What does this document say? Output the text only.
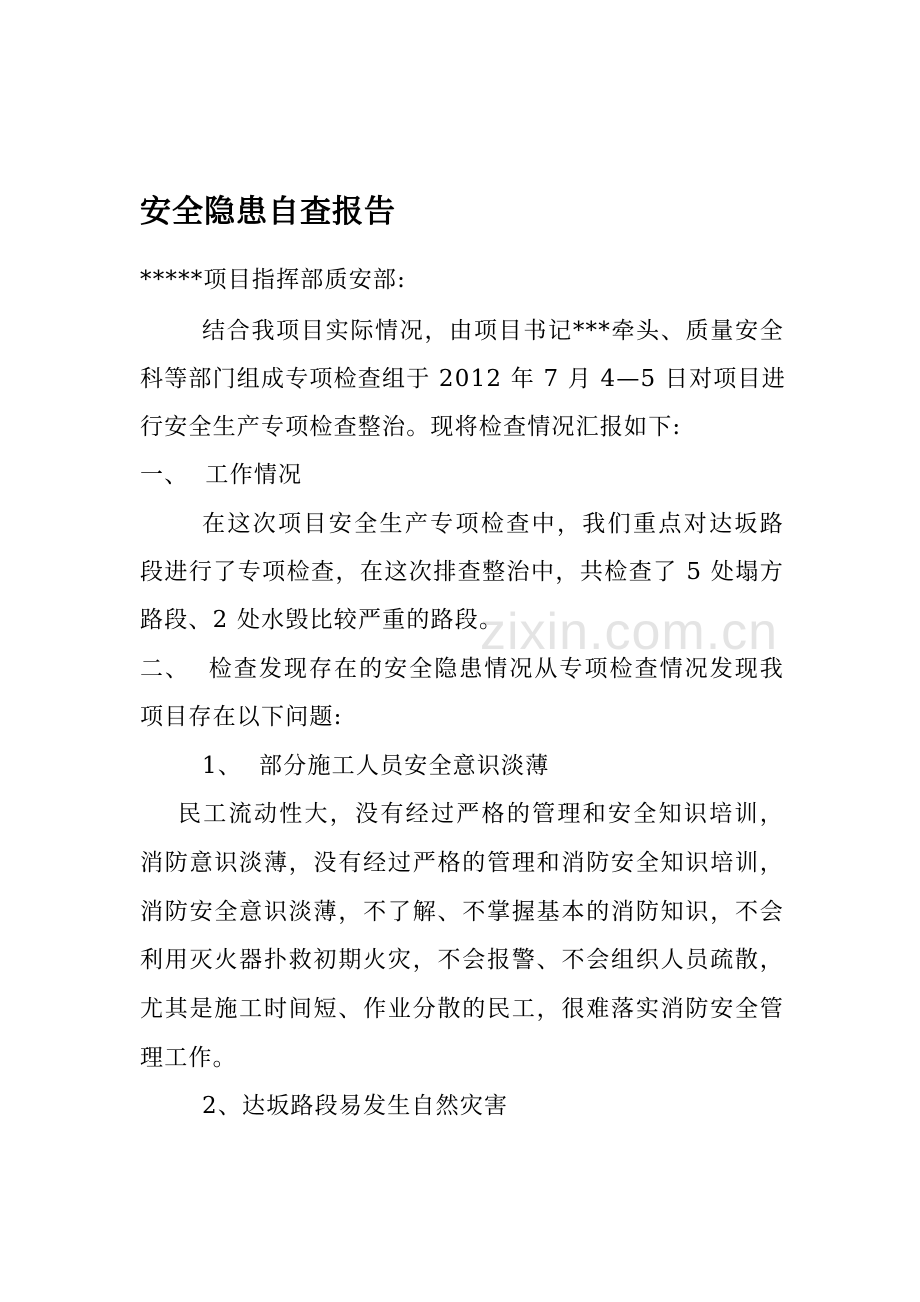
zixin.com.cn
安全隐患自查报告
*****项目指挥部质安部:
结合我项目实际情况，由项目书记***牵头、质量安全
科等部门组成专项检查组于 2012 年 7 月 4—5 日对项目进
行安全生产专项检查整治。现将检查情况汇报如下:
一、  工作情况
在这次项目安全生产专项检查中，我们重点对达坂路
段进行了专项检查，在这次排查整治中，共检查了 5 处塌方
路段、2 处水毁比较严重的路段。
二、  检查发现存在的安全隐患情况从专项检查情况发现我
项目存在以下问题:
1、  部分施工人员安全意识淡薄
民工流动性大，没有经过严格的管理和安全知识培训，
消防意识淡薄，没有经过严格的管理和消防安全知识培训，
消防安全意识淡薄，不了解、不掌握基本的消防知识，不会
利用灭火器扑救初期火灾，不会报警、不会组织人员疏散，
尤其是施工时间短、作业分散的民工，很难落实消防安全管
理工作。
2、达坂路段易发生自然灾害
